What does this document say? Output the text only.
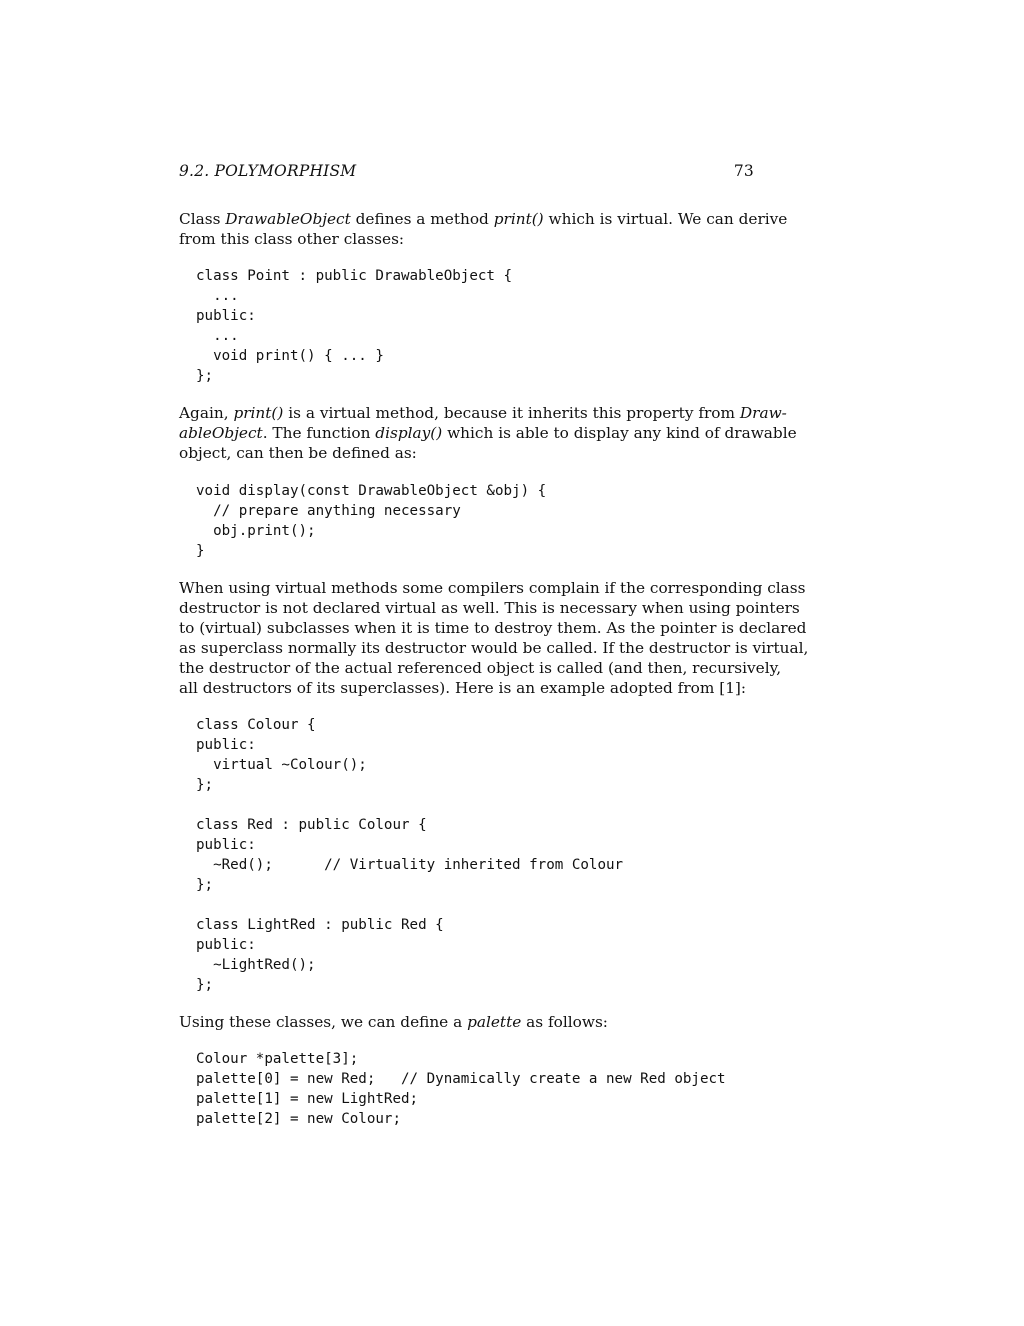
9.2. POLYMORPHISM	73
Class DrawableObject defines a method print() which is virtual. We can derive
from this class other classes:
class Point : public DrawableObject {
...
public:
...
void print() { ... }
};
Again, print() is a virtual method, because it inherits this property from Draw-
ableObject. The function display() which is able to display any kind of drawable
object, can then be defined as:
void display(const DrawableObject &obj) {
// prepare anything necessary
obj.print();
}
When using virtual methods some compilers complain if the corresponding class
destructor is not declared virtual as well. This is necessary when using pointers
to (virtual) subclasses when it is time to destroy them. As the pointer is declared
as superclass normally its destructor would be called. If the destructor is virtual,
the destructor of the actual referenced object is called (and then, recursively,
all destructors of its superclasses). Here is an example adopted from [1]:
class Colour {
public:
virtual ~Colour();
};

class Red : public Colour {
public:
~Red();      // Virtuality inherited from Colour
};

class LightRed : public Red {
public:
~LightRed();
};
Using these classes, we can define a palette as follows:
Colour *palette[3];
palette[0] = new Red;   // Dynamically create a new Red object
palette[1] = new LightRed;
palette[2] = new Colour;
